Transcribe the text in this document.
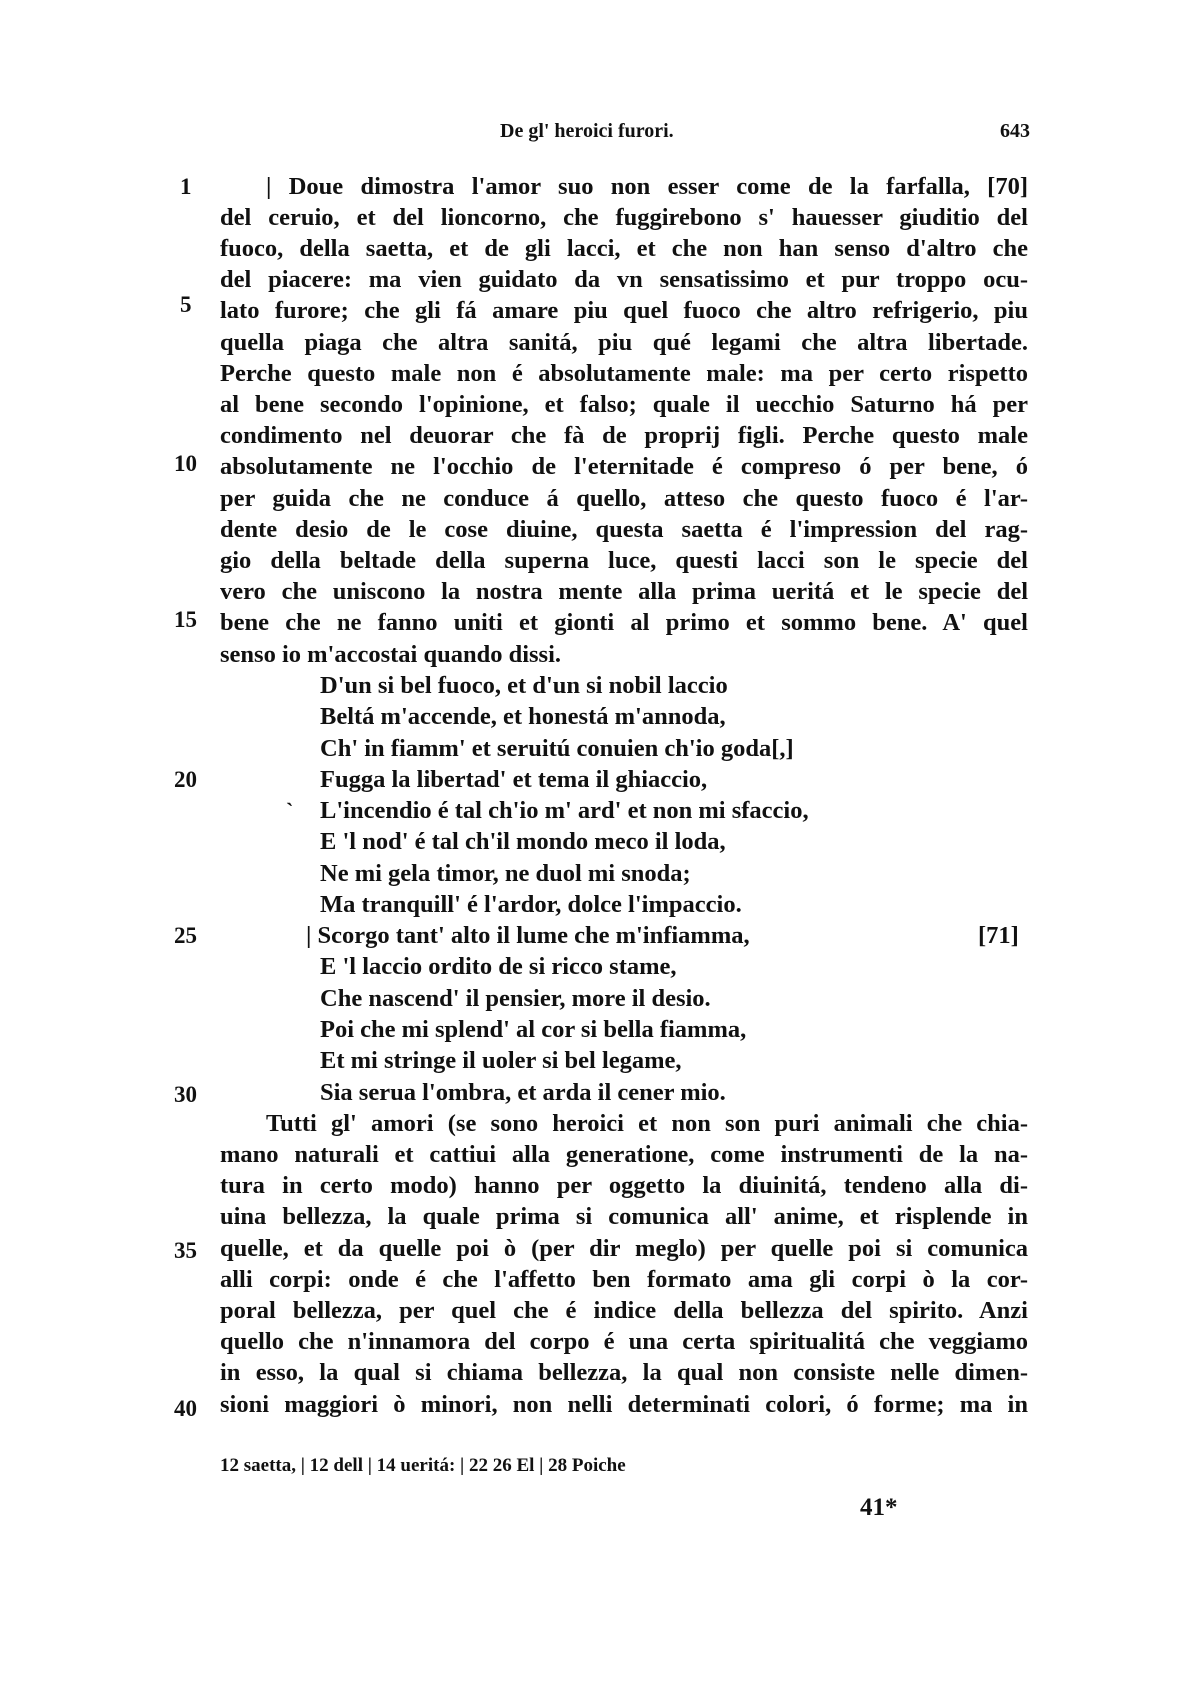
De gl' heroici furori.	643
1
5
10
15
20
25
30
35
40
| Doue dimostra l'amor suo non esser come de la farfalla, [70]
del ceruio, et del lioncorno, che fuggirebono s' hauesser giuditio del
fuoco, della saetta, et de gli lacci, et che non han senso d'altro che
del piacere: ma vien guidato da vn sensatissimo et pur troppo ocu-
lato furore; che gli fá amare piu quel fuoco che altro refrigerio, piu
quella piaga che altra sanitá, piu qué legami che altra libertade.
Perche questo male non é absolutamente male: ma per certo rispetto
al bene secondo l'opinione, et falso; quale il uecchio Saturno há per
condimento nel deuorar che fà de proprij figli. Perche questo male
absolutamente ne l'occhio de l'eternitade é compreso ó per bene, ó
per guida che ne conduce á quello, atteso che questo fuoco é l'ar-
dente desio de le cose diuine, questa saetta é l'impression del rag-
gio della beltade della superna luce, questi lacci son le specie del
vero che uniscono la nostra mente alla prima ueritá et le specie del
bene che ne fanno uniti et gionti al primo et sommo bene. A' quel
senso io m'accostai quando dissi.
D'un si bel fuoco, et d'un si nobil laccio
Beltá m'accende, et honestá m'annoda,
Ch' in fiamm' et seruitú conuien ch'io goda[,]
Fugga la libertad' et tema il ghiaccio,
` L'incendio é tal ch'io m' ard' et non mi sfaccio,
E 'l nod' é tal ch'il mondo meco il loda,
Ne mi gela timor, ne duol mi snoda;
Ma tranquill' é l'ardor, dolce l'impaccio.
| Scorgo tant' alto il lume che m'infiamma,	[71]
E 'l laccio ordito de si ricco stame,
Che nascend' il pensier, more il desio.
Poi che mi splend' al cor si bella fiamma,
Et mi stringe il uoler si bel legame,
Sia serua l'ombra, et arda il cener mio.
Tutti gl' amori (se sono heroici et non son puri animali che chia-
mano naturali et cattiui alla generatione, come instrumenti de la na-
tura in certo modo) hanno per oggetto la diuinitá, tendeno alla di-
uina bellezza, la quale prima si comunica all' anime, et risplende in
quelle, et da quelle poi ò (per dir meglo) per quelle poi si comunica
alli corpi: onde é che l'affetto ben formato ama gli corpi ò la cor-
poral bellezza, per quel che é indice della bellezza del spirito. Anzi
quello che n'innamora del corpo é una certa spiritualitá che veggiamo
in esso, la qual si chiama bellezza, la qual non consiste nelle dimen-
sioni maggiori ò minori, non nelli determinati colori, ó forme; ma in
12 saetta, | 12 dell | 14 ueritá: | 22 26 El | 28 Poiche
41*
